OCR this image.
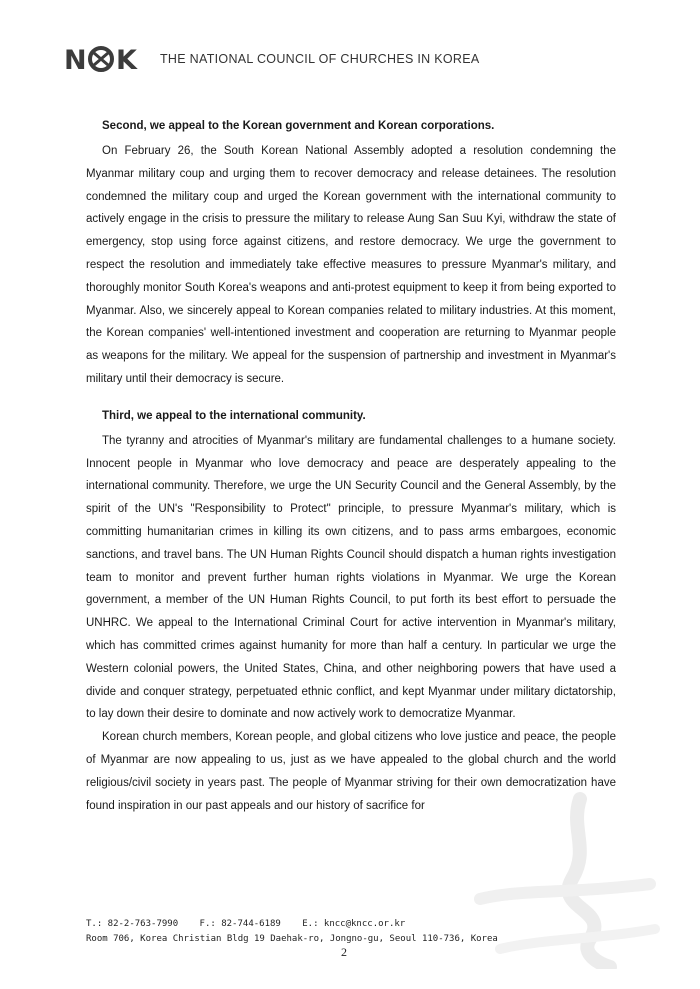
N K THE NATIONAL COUNCIL OF CHURCHES IN KOREA
Second, we appeal to the Korean government and Korean corporations.

On February 26, the South Korean National Assembly adopted a resolution condemning the Myanmar military coup and urging them to recover democracy and release detainees. The resolution condemned the military coup and urged the Korean government with the international community to actively engage in the crisis to pressure the military to release Aung San Suu Kyi, withdraw the state of emergency, stop using force against citizens, and restore democracy. We urge the government to respect the resolution and immediately take effective measures to pressure Myanmar's military, and thoroughly monitor South Korea's weapons and anti-protest equipment to keep it from being exported to Myanmar. Also, we sincerely appeal to Korean companies related to military industries. At this moment, the Korean companies' well-intentioned investment and cooperation are returning to Myanmar people as weapons for the military. We appeal for the suspension of partnership and investment in Myanmar's military until their democracy is secure.

Third, we appeal to the international community.

The tyranny and atrocities of Myanmar's military are fundamental challenges to a humane society. Innocent people in Myanmar who love democracy and peace are desperately appealing to the international community. Therefore, we urge the UN Security Council and the General Assembly, by the spirit of the UN's "Responsibility to Protect" principle, to pressure Myanmar's military, which is committing humanitarian crimes in killing its own citizens, and to pass arms embargoes, economic sanctions, and travel bans. The UN Human Rights Council should dispatch a human rights investigation team to monitor and prevent further human rights violations in Myanmar. We urge the Korean government, a member of the UN Human Rights Council, to put forth its best effort to persuade the UNHRC. We appeal to the International Criminal Court for active intervention in Myanmar's military, which has committed crimes against humanity for more than half a century. In particular we urge the Western colonial powers, the United States, China, and other neighboring powers that have used a divide and conquer strategy, perpetuated ethnic conflict, and kept Myanmar under military dictatorship, to lay down their desire to dominate and now actively work to democratize Myanmar.

Korean church members, Korean people, and global citizens who love justice and peace, the people of Myanmar are now appealing to us, just as we have appealed to the global church and the world religious/civil society in years past. The people of Myanmar striving for their own democratization have found inspiration in our past appeals and our history of sacrifice for

T.: 82-2-763-7990 F.: 82-744-6189 E.: kncc@kncc.or.kr
Room 706, Korea Christian Bldg 19 Daehak-ro, Jongno-gu, Seoul 110-736, Korea
2
